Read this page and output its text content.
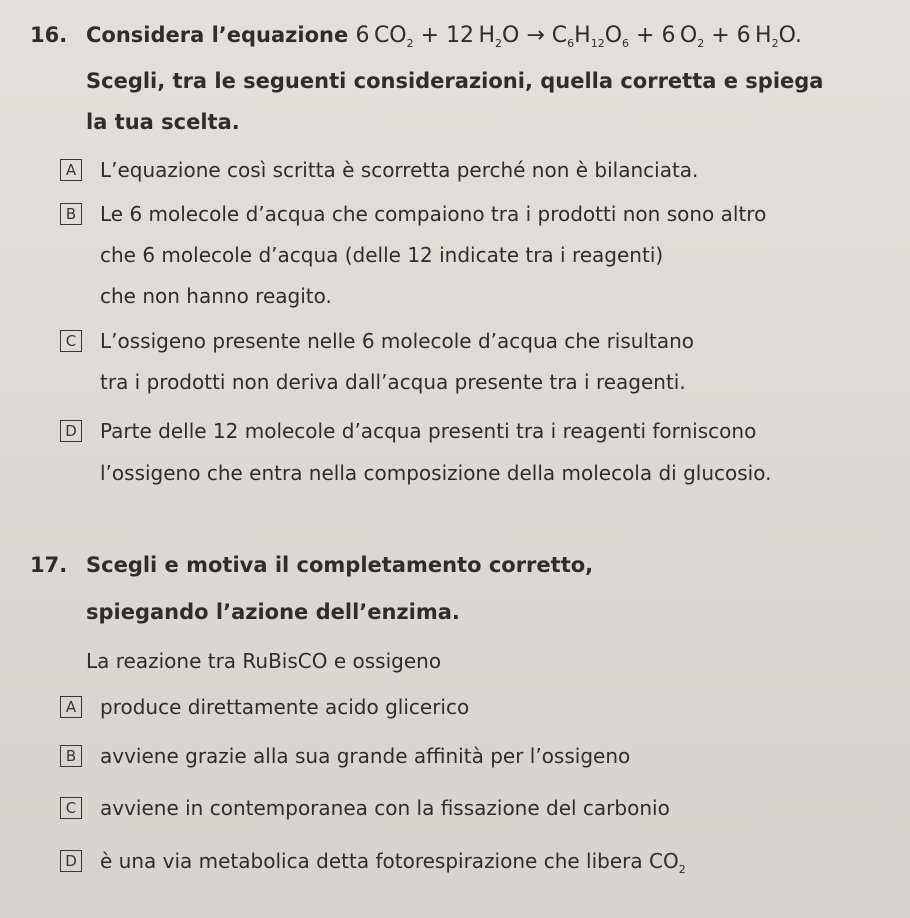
16. Considera l’equazione 6  $CO_2 + 12$  $H_2O \to C_6H_{12}O_6 + 6$  $O_2 + 6$  $H_2O$.
Scegli, tra le seguenti considerazioni, quella corretta e spiega
la tua scelta.
A L’equazione così scritta è scorretta perché non è bilanciata.
B Le 6 molecole d’acqua che compaiono tra i prodotti non sono altro
che 6 molecole d’acqua (delle 12 indicate tra i reagenti)
che non hanno reagito.
C L’ossigeno presente nelle 6 molecole d’acqua che risultano
tra i prodotti non deriva dall’acqua presente tra i reagenti.
D Parte delle 12 molecole d’acqua presenti tra i reagenti forniscono
l’ossigeno che entra nella composizione della molecola di glucosio.
17. Scegli e motiva il completamento corretto,
spiegando l’azione dell’enzima.
La reazione tra RuBisCO e ossigeno
A produce direttamente acido glicerico
B avviene grazie alla sua grande affinità per l’ossigeno
C avviene in contemporanea con la fissazione del carbonio
D è una via metabolica detta fotorespirazione che libera $CO_2$
